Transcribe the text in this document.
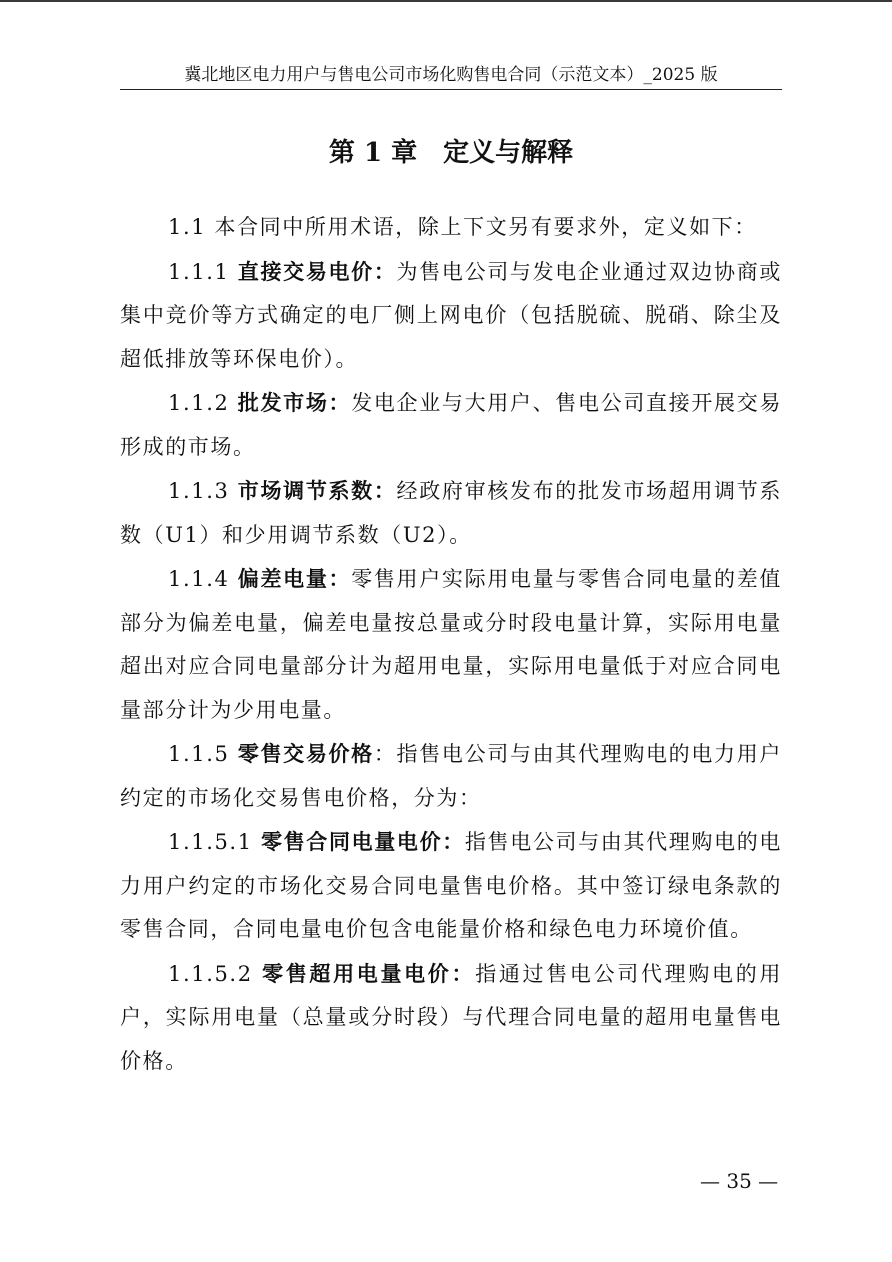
冀北地区电力用户与售电公司市场化购售电合同（示范文本）_2025 版
第 1 章　定义与解释

1.1 本合同中所用术语，除上下文另有要求外，定义如下：

1.1.1 直接交易电价：为售电公司与发电企业通过双边协商或集中竞价等方式确定的电厂侧上网电价（包括脱硫、脱硝、除尘及超低排放等环保电价）。

1.1.2 批发市场：发电企业与大用户、售电公司直接开展交易形成的市场。

1.1.3 市场调节系数：经政府审核发布的批发市场超用调节系数（U1）和少用调节系数（U2）。

1.1.4 偏差电量：零售用户实际用电量与零售合同电量的差值部分为偏差电量，偏差电量按总量或分时段电量计算，实际用电量超出对应合同电量部分计为超用电量，实际用电量低于对应合同电量部分计为少用电量。

1.1.5 零售交易价格：指售电公司与由其代理购电的电力用户约定的市场化交易售电价格，分为：

1.1.5.1 零售合同电量电价：指售电公司与由其代理购电的电力用户约定的市场化交易合同电量售电价格。其中签订绿电条款的零售合同，合同电量电价包含电能量价格和绿色电力环境价值。

1.1.5.2 零售超用电量电价：指通过售电公司代理购电的用户，实际用电量（总量或分时段）与代理合同电量的超用电量售电价格。

— 35 —
